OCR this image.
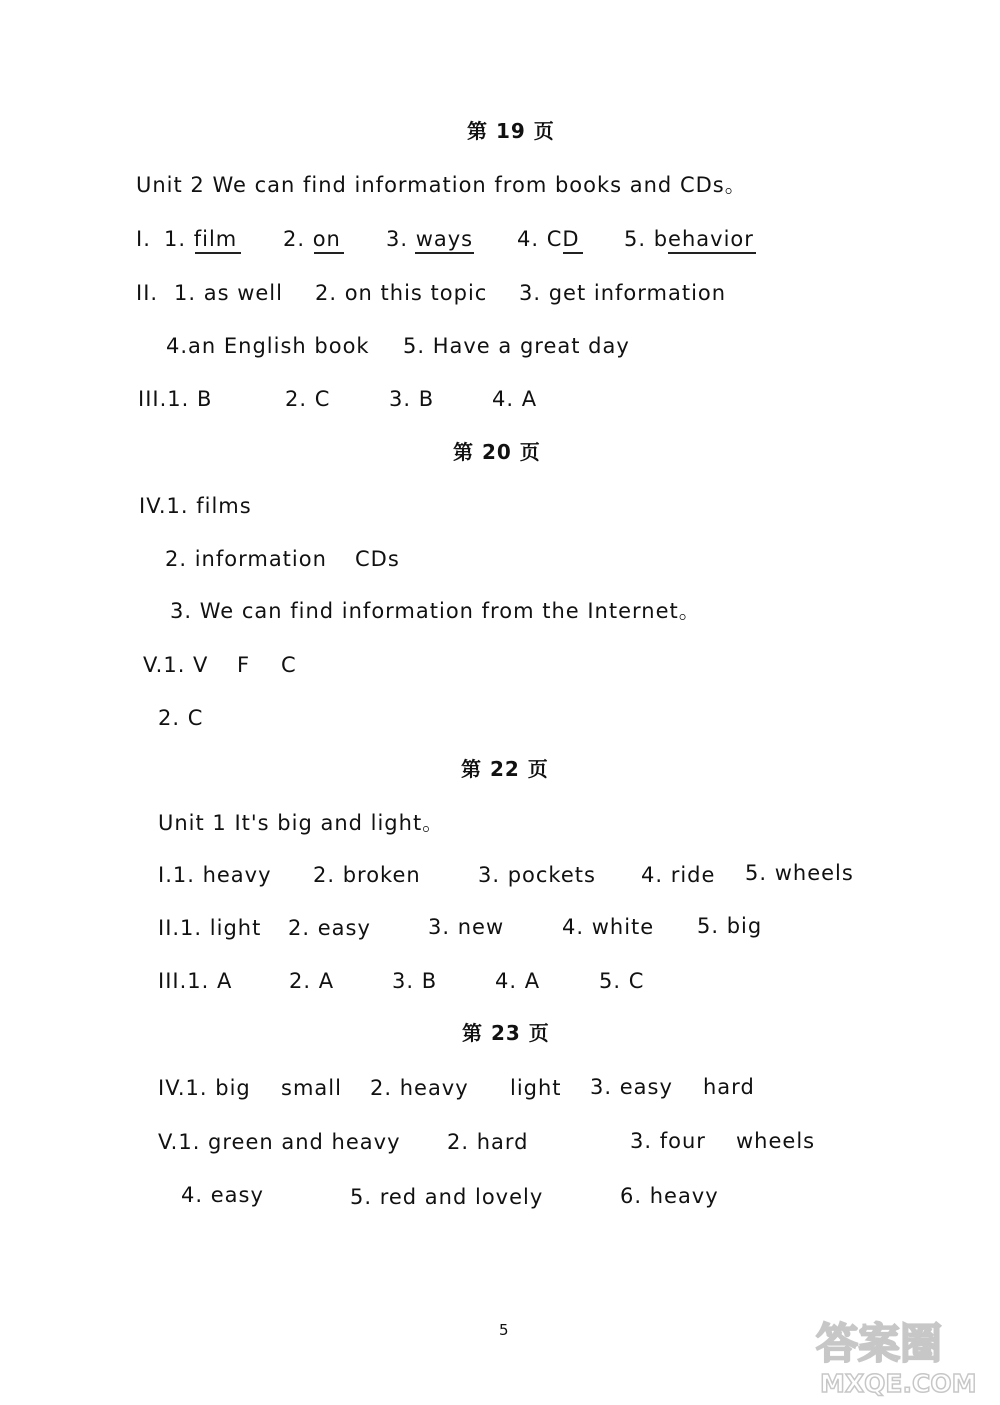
第 19 页
Unit 2 We can find information from books and CDs。
I. 1. film 2. on 3. ways 4. CD 5. behavior
II. 1. as well 2. on this topic 3. get information
4.an English book 5. Have a great day
III.1. B	2. C	3. B	4. A
第 20 页
IV.1. films
2. information CDs
3. We can find information from the Internet。
V.1. V F C
2. C
第 22 页
Unit 1 It's big and light。
I.1. heavy 2. broken	3. pockets 4. ride 5. wheels
II.1. light 2. easy	3. new	4. white 5. big
III.1. A	2. A	3. B	4. A	5. C
第 23 页
IV.1. big small 2. heavy light 3. easy hard
V.1. green and heavy 2. hard	3. four wheels
4. easy	5. red and lovely	6. heavy
5	答案圈
MXQE.COM
